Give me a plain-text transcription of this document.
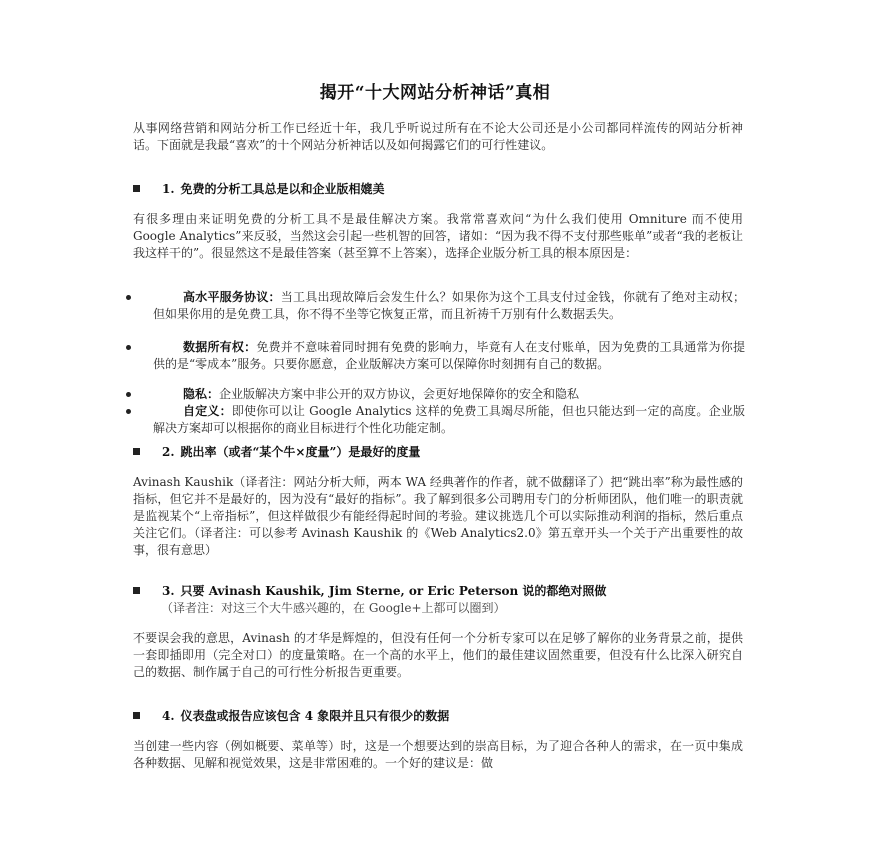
揭开“十大网站分析神话”真相

从事网络营销和网站分析工作已经近十年，我几乎听说过所有在不论大公司还是小公司都同样流传的网站分析神话。下面就是我最“喜欢”的十个网站分析神话以及如何揭露它们的可行性建议。

1. 免费的分析工具总是以和企业版相媲美

有很多理由来证明免费的分析工具不是最佳解决方案。我常常喜欢问“为什么我们使用 Omniture 而不使用 Google Analytics”来反驳，当然这会引起一些机智的回答，诸如：“因为我不得不支付那些账单”或者“我的老板让我这样干的”。很显然这不是最佳答案（甚至算不上答案），选择企业版分析工具的根本原因是：

高水平服务协议：当工具出现故障后会发生什么？如果你为这个工具支付过金钱，你就有了绝对主动权；但如果你用的是免费工具，你不得不坐等它恢复正常，而且祈祷千万别有什么数据丢失。
数据所有权：免费并不意味着同时拥有免费的影响力，毕竟有人在支付账单，因为免费的工具通常为你提供的是“零成本”服务。只要你愿意，企业版解决方案可以保障你时刻拥有自己的数据。
隐私：企业版解决方案中非公开的双方协议，会更好地保障你的安全和隐私
自定义：即使你可以让 Google Analytics 这样的免费工具竭尽所能，但也只能达到一定的高度。企业版解决方案却可以根据你的商业目标进行个性化功能定制。
2. 跳出率（或者“某个牛×度量”）是最好的度量

Avinash Kaushik（译者注：网站分析大师，两本 WA 经典著作的作者，就不做翻译了）把“跳出率”称为最性感的指标，但它并不是最好的，因为没有“最好的指标”。我了解到很多公司聘用专门的分析师团队，他们唯一的职责就是监视某个“上帝指标”，但这样做很少有能经得起时间的考验。建议挑选几个可以实际推动利润的指标，然后重点关注它们。（译者注：可以参考 Avinash Kaushik 的《Web Analytics2.0》第五章开头一个关于产出重要性的故事，很有意思）

3. 只要 Avinash Kaushik, Jim Sterne, or Eric Peterson 说的都绝对照做
（译者注：对这三个大牛感兴趣的，在 Google+上都可以圈到）

不要误会我的意思，Avinash 的才华是辉煌的，但没有任何一个分析专家可以在足够了解你的业务背景之前，提供一套即插即用（完全对口）的度量策略。在一个高的水平上，他们的最佳建议固然重要，但没有什么比深入研究自己的数据、制作属于自己的可行性分析报告更重要。

4. 仪表盘或报告应该包含 4 象限并且只有很少的数据

当创建一些内容（例如概要、菜单等）时，这是一个想要达到的崇高目标，为了迎合各种人的需求，在一页中集成各种数据、见解和视觉效果，这是非常困难的。一个好的建议是：做
